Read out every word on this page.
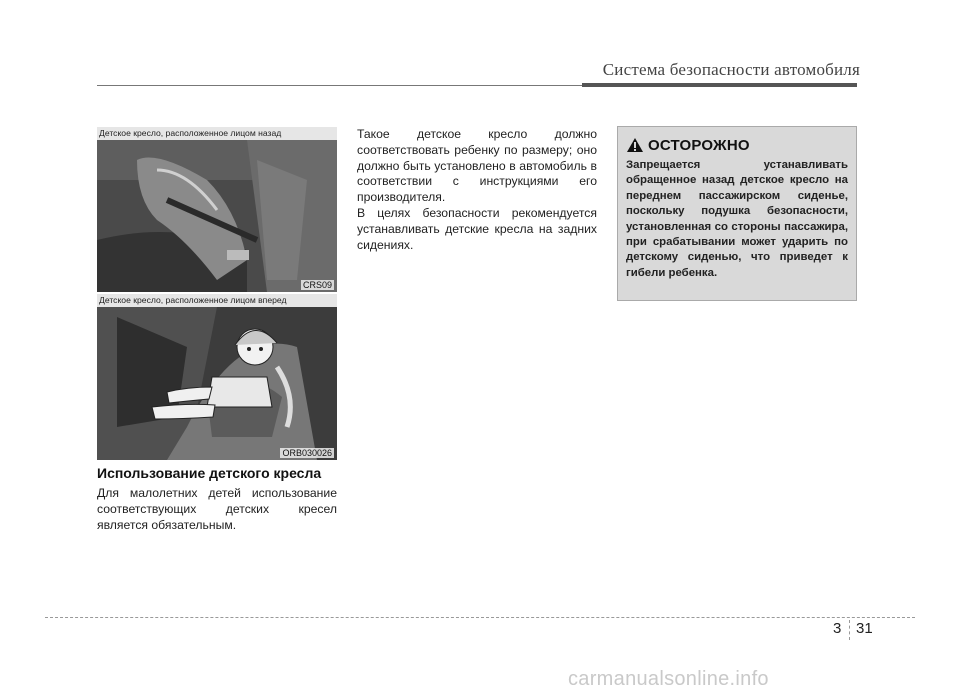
Система безопасности автомобиля
Детское кресло, расположенное лицом назад
CRS09
Детское кресло, расположенное лицом вперед
ORB030026
Использование детского кресла

Для малолетних детей использование соответствующих детских кресел является обязательным.

Такое детское кресло должно соответствовать ребенку по размеру; оно должно быть установлено в автомобиль в соответствии с инструкциями его производителя.

В целях безопасности рекомендуется устанавливать детские кресла на задних сидениях.

ОСТОРОЖНО

Запрещается устанавливать обращенное назад детское кресло на переднем пассажирском сиденье, поскольку подушка безопасности, установленная со стороны пассажира, при срабатывании может ударить по детскому сиденью, что приведет к гибели ребенка.

3 31
carmanualsonline.info
